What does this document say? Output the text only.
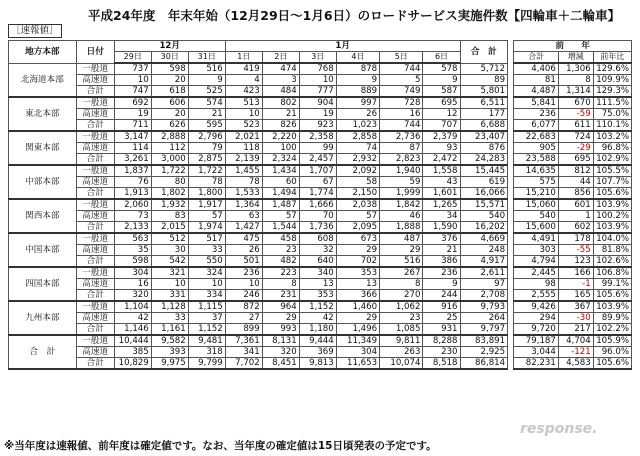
平成24年度　年末年始（12月29日～1月6日）のロードサービス実施件数【四輪車＋二輪車】
［速報値］
地方本部	日付	12月			1月						合　計		前　　年		
		29日	30日	31日	1日	2日	3日	4日	5日	6日			合計	増減	前年比
北海道本部	一般道	737	598	516	419	474	768	878	744	578	5,712		4,406	1,306	129.6%
	高速道	10	20	9	4	3	10	9	5	9	89		81	8	109.9%
	合計	747	618	525	423	484	777	889	749	587	5,801		4,487	1,314	129.3%
東北本部	一般道	692	606	574	513	802	904	997	728	695	6,511		5,841	670	111.5%
	高速道	19	20	21	10	21	19	26	16	12	177		236	-59	75.0%
	合計	711	626	595	523	826	923	1,023	744	707	6,688		6,077	611	110.1%
関東本部	一般道	3,147	2,888	2,796	2,021	2,220	2,358	2,858	2,736	2,379	23,407		22,683	724	103.2%
	高速道	114	112	79	118	100	99	74	87	93	876		905	-29	96.8%
	合計	3,261	3,000	2,875	2,139	2,324	2,457	2,932	2,823	2,472	24,283		23,588	695	102.9%
中部本部	一般道	1,837	1,722	1,722	1,455	1,434	1,707	2,092	1,940	1,558	15,445		14,635	812	105.5%
	高速道	76	80	78	78	60	67	58	59	43	619		575	44	107.7%
	合計	1,913	1,802	1,800	1,533	1,494	1,774	2,150	1,999	1,601	16,066		15,210	856	105.6%
関西本部	一般道	2,060	1,932	1,917	1,364	1,487	1,666	2,038	1,842	1,265	15,571		15,060	601	103.9%
	高速道	73	83	57	63	57	70	57	46	34	540		540	1	100.2%
	合計	2,133	2,015	1,974	1,427	1,544	1,736	2,095	1,888	1,590	16,202		15,600	602	103.9%
中国本部	一般道	563	512	517	475	458	608	673	487	376	4,669		4,491	178	104.0%
	高速道	35	30	33	26	23	32	29	29	21	248		303	-55	81.8%
	合計	598	542	550	501	482	640	702	516	386	4,917		4,794	123	102.6%
四国本部	一般道	304	321	324	236	223	340	353	267	236	2,611		2,445	166	106.8%
	高速道	16	10	10	10	8	13	13	8	9	97		98	-1	99.1%
	合計	320	331	334	246	231	353	366	270	244	2,708		2,555	165	105.6%
九州本部	一般道	1,104	1,128	1,115	872	964	1,152	1,460	1,062	916	9,793		9,426	367	103.9%
	高速道	42	33	37	27	29	42	29	23	25	264		294	-30	89.9%
	合計	1,146	1,161	1,152	899	993	1,180	1,496	1,085	931	9,797		9,720	217	102.2%
合　計	一般道	10,444	9,582	9,481	7,361	8,131	9,444	11,349	9,811	8,288	83,891		79,187	4,704	105.9%
	高速道	385	393	318	341	320	369	304	263	230	2,925		3,044	-121	96.0%
	合計	10,829	9,975	9,799	7,702	8,451	9,813	11,653	10,074	8,518	86,814		82,231	4,583	105.6%
※当年度は速報値、前年度は確定値です。なお、当年度の確定値は15日頃発表の予定です。
response.
